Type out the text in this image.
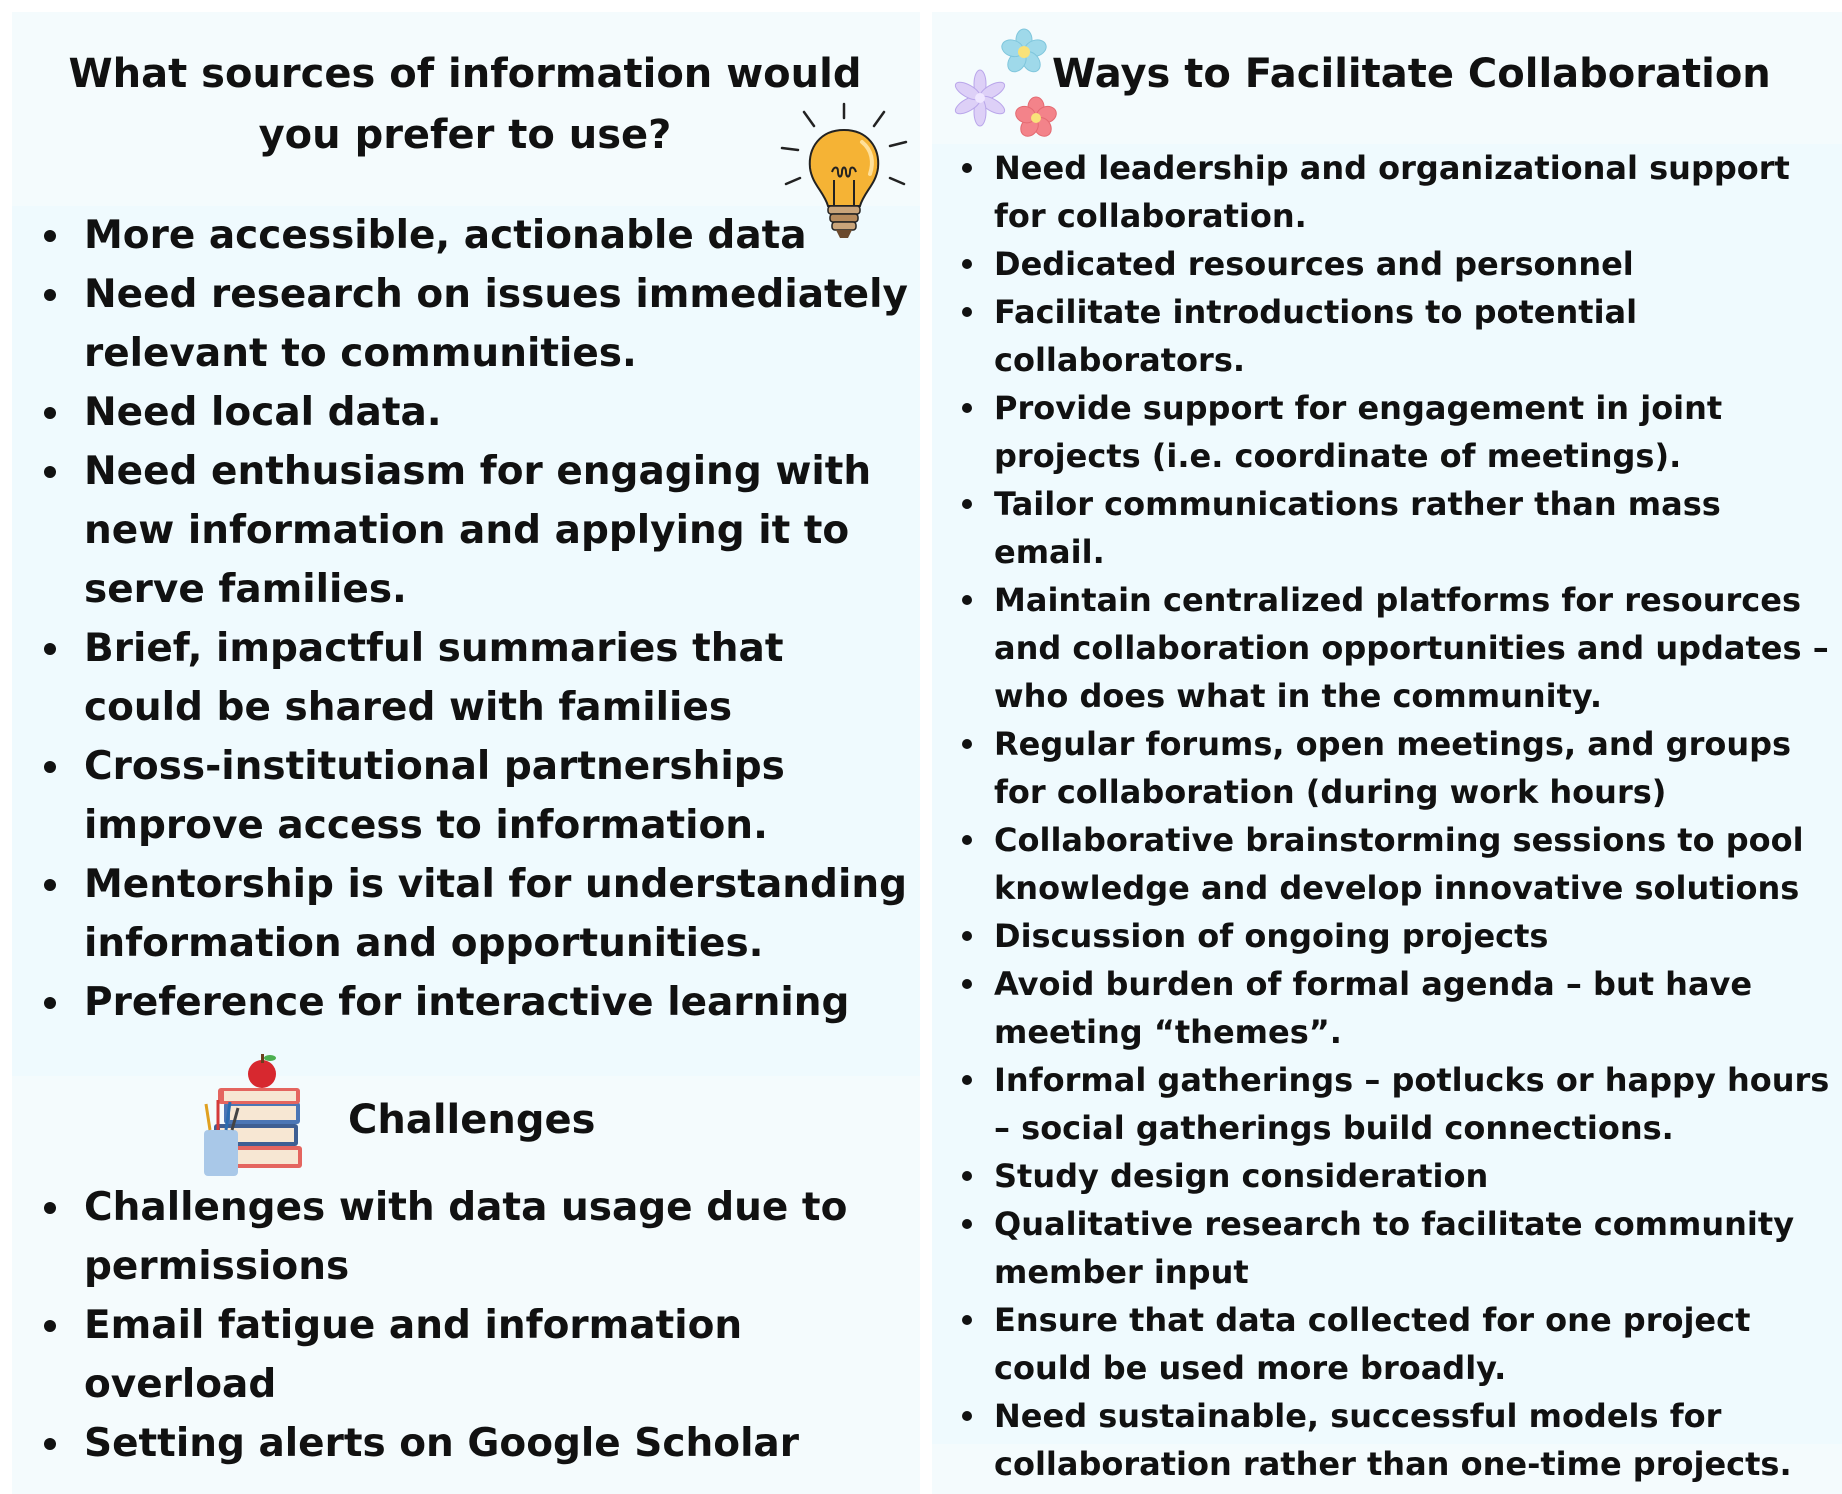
What sources of information would you prefer to use?
More accessible, actionable data
Need research on issues immediately relevant to communities.
Need local data.
Need enthusiasm for engaging with new information and applying it to serve families.
Brief, impactful summaries that could be shared with families
Cross-institutional partnerships improve access to information.
Mentorship is vital for understanding information and opportunities.
Preference for interactive learning
Challenges
Challenges with data usage due to permissions
Email fatigue and information overload
Setting alerts on Google Scholar
Ways to Facilitate Collaboration
Need leadership and organizational support for collaboration.
Dedicated resources and personnel
Facilitate introductions to potential collaborators.
Provide support for engagement in joint projects (i.e. coordinate of meetings).
Tailor communications rather than mass email.
Maintain centralized platforms for resources and collaboration opportunities and updates – who does what in the community.
Regular forums, open meetings, and groups for collaboration (during work hours)
Collaborative brainstorming sessions to pool knowledge and develop innovative solutions
Discussion of ongoing projects
Avoid burden of formal agenda – but have meeting “themes”.
Informal gatherings – potlucks or happy hours – social gatherings build connections.
Study design consideration
Qualitative research to facilitate community member input
Ensure that data collected for one project could be used more broadly.
Need sustainable, successful models for collaboration rather than one-time projects.
